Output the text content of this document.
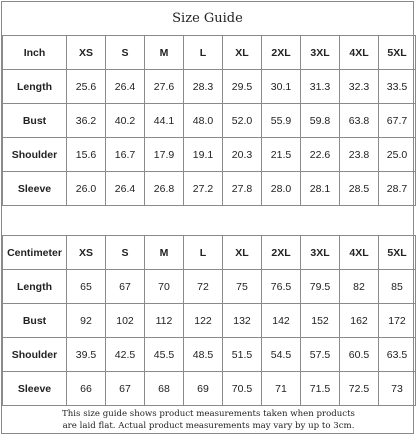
Size Guide
Inch	XS	S	M	L	XL	2XL	3XL	4XL	5XL
Length	25.6	26.4	27.6	28.3	29.5	30.1	31.3	32.3	33.5
Bust	36.2	40.2	44.1	48.0	52.0	55.9	59.8	63.8	67.7
Shoulder	15.6	16.7	17.9	19.1	20.3	21.5	22.6	23.8	25.0
Sleeve	26.0	26.4	26.8	27.2	27.8	28.0	28.1	28.5	28.7
Centimeter	XS	S	M	L	XL	2XL	3XL	4XL	5XL
Length	65	67	70	72	75	76.5	79.5	82	85
Bust	92	102	112	122	132	142	152	162	172
Shoulder	39.5	42.5	45.5	48.5	51.5	54.5	57.5	60.5	63.5
Sleeve	66	67	68	69	70.5	71	71.5	72.5	73
This size guide shows product measurements taken when products
are laid flat. Actual product measurements may vary by up to 3cm.
